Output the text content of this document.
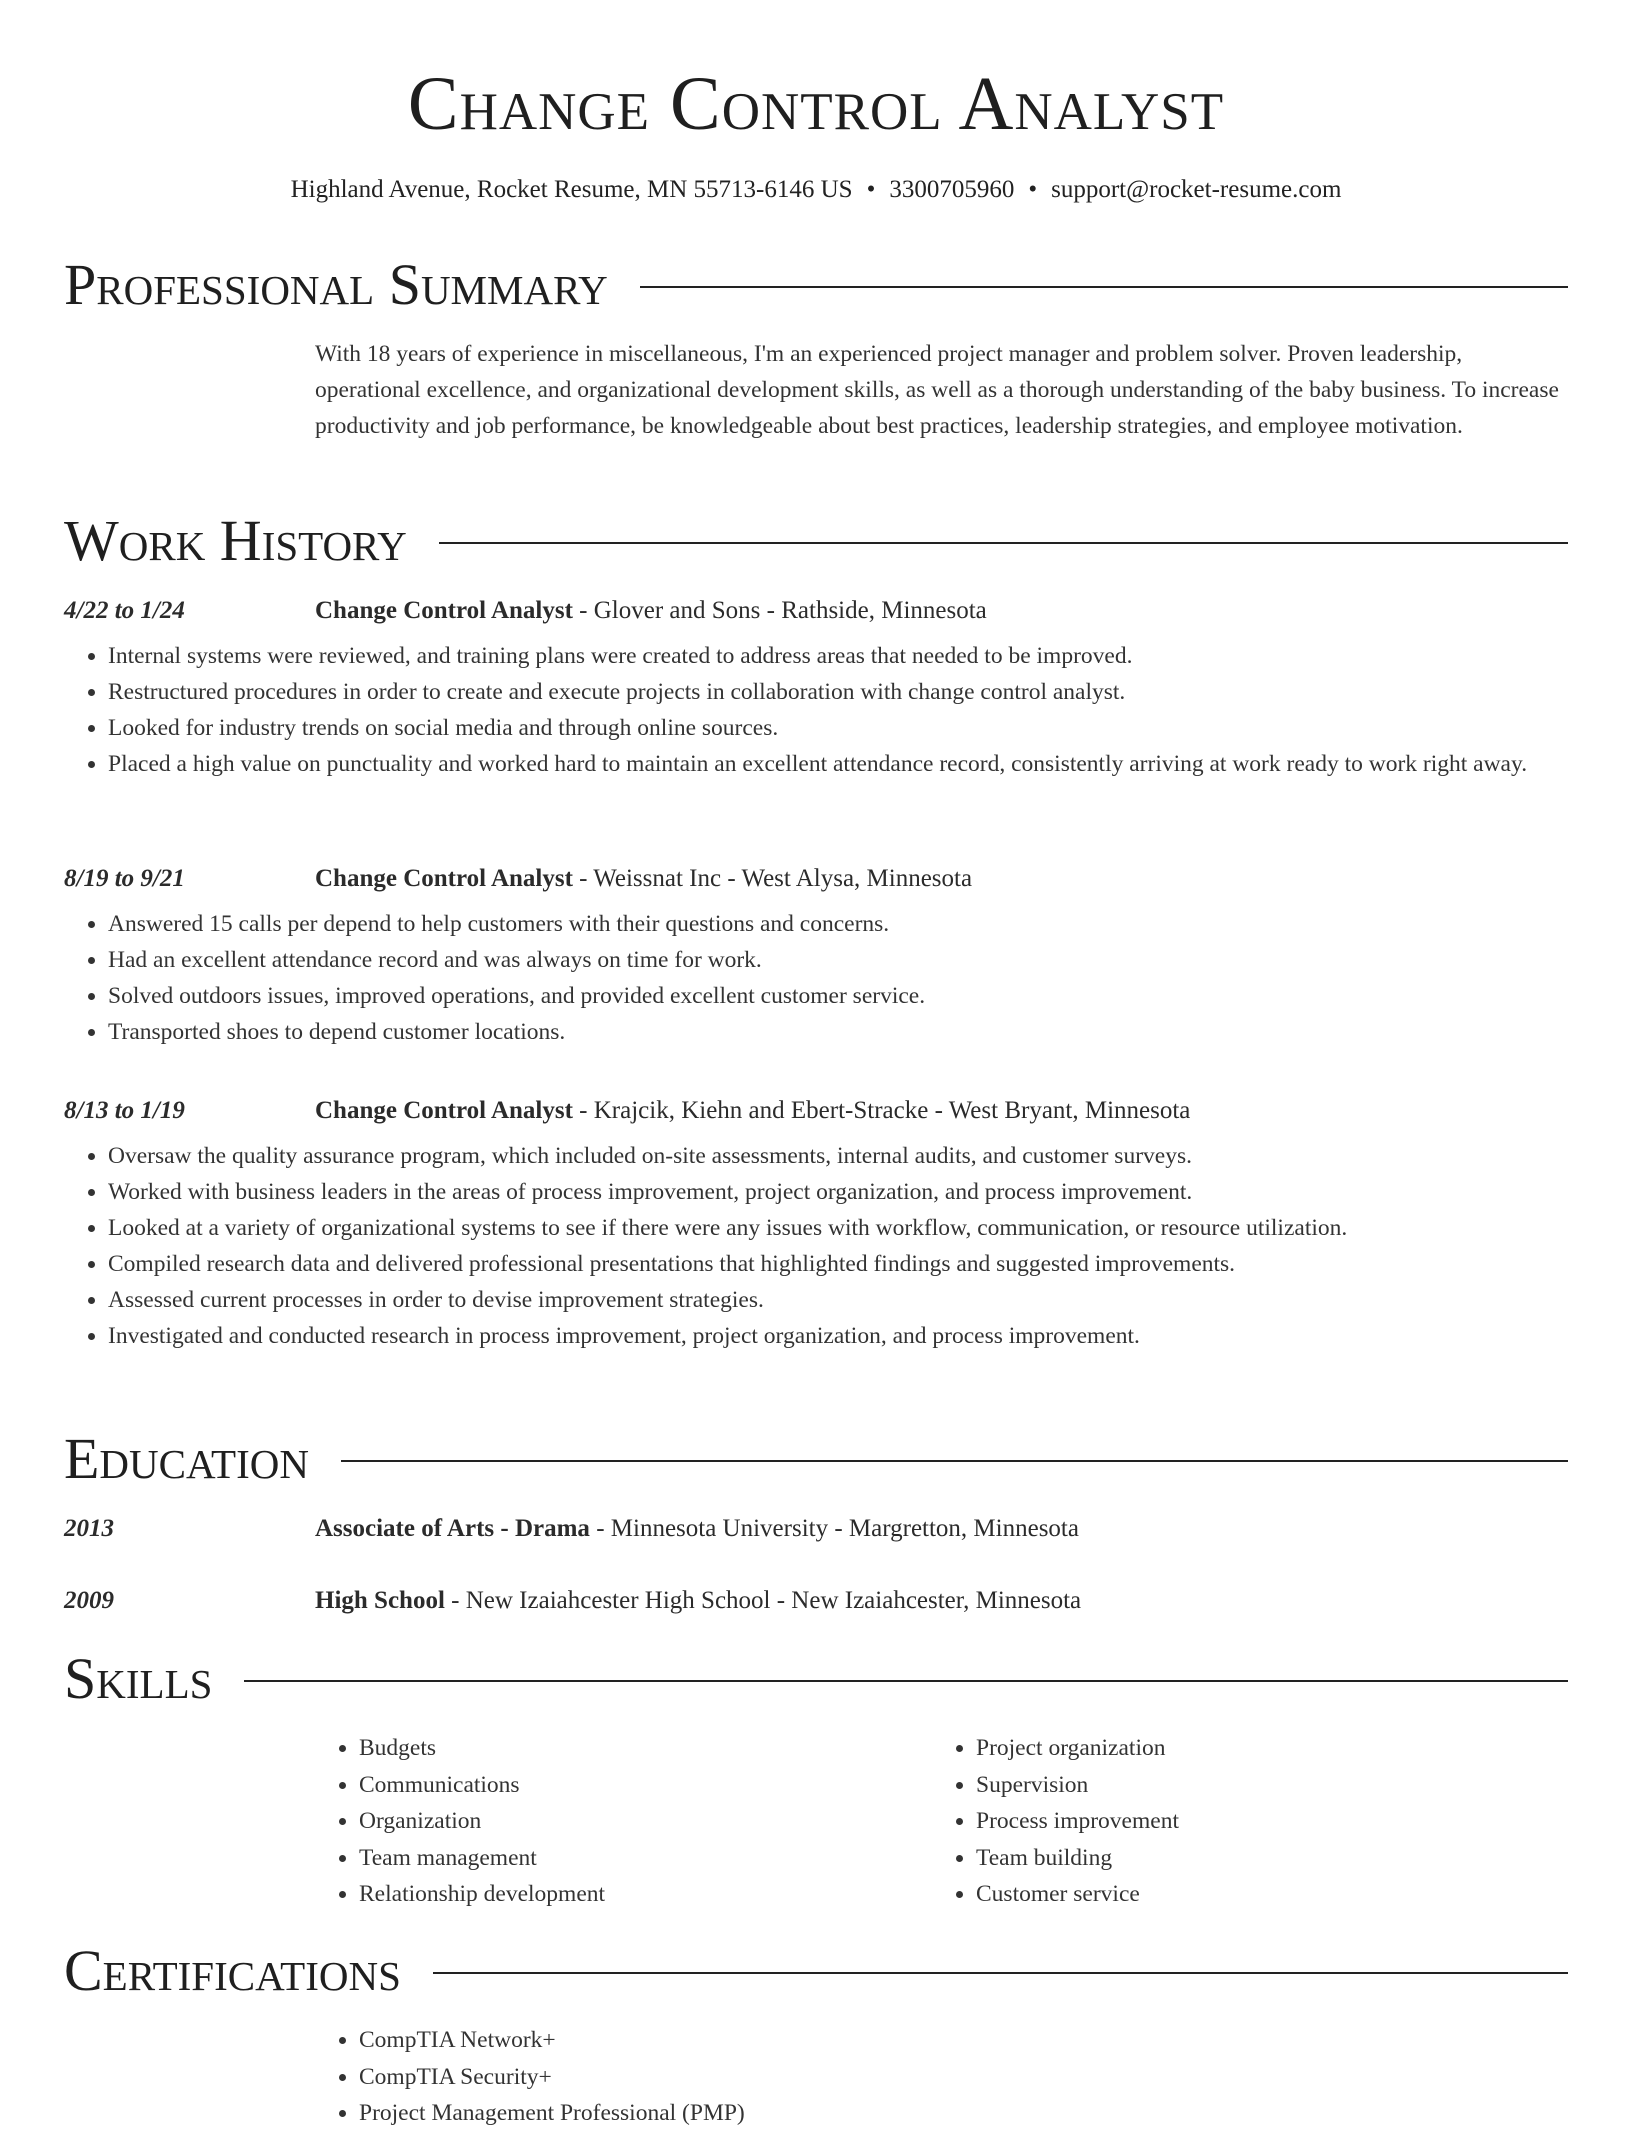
Change Control Analyst
Highland Avenue, Rocket Resume, MN 55713-6146 US • 3300705960 • support@rocket-resume.com
Professional Summary
With 18 years of experience in miscellaneous, I'm an experienced project manager and problem solver. Proven leadership, operational excellence, and organizational development skills, as well as a thorough understanding of the baby business. To increase productivity and job performance, be knowledgeable about best practices, leadership strategies, and employee motivation.
Work History
4/22 to 1/24	Change Control Analyst - Glover and Sons - Rathside, Minnesota
• Internal systems were reviewed, and training plans were created to address areas that needed to be improved.
• Restructured procedures in order to create and execute projects in collaboration with change control analyst.
• Looked for industry trends on social media and through online sources.
• Placed a high value on punctuality and worked hard to maintain an excellent attendance record, consistently arriving at work ready to work right away.
8/19 to 9/21	Change Control Analyst - Weissnat Inc - West Alysa, Minnesota
• Answered 15 calls per depend to help customers with their questions and concerns.
• Had an excellent attendance record and was always on time for work.
• Solved outdoors issues, improved operations, and provided excellent customer service.
• Transported shoes to depend customer locations.
8/13 to 1/19	Change Control Analyst - Krajcik, Kiehn and Ebert-Stracke - West Bryant, Minnesota
• Oversaw the quality assurance program, which included on-site assessments, internal audits, and customer surveys.
• Worked with business leaders in the areas of process improvement, project organization, and process improvement.
• Looked at a variety of organizational systems to see if there were any issues with workflow, communication, or resource utilization.
• Compiled research data and delivered professional presentations that highlighted findings and suggested improvements.
• Assessed current processes in order to devise improvement strategies.
• Investigated and conducted research in process improvement, project organization, and process improvement.
Education
2013	Associate of Arts - Drama - Minnesota University - Margretton, Minnesota
2009	High School - New Izaiahcester High School - New Izaiahcester, Minnesota
Skills
• Budgets
• Communications
• Organization
• Team management
• Relationship development
• Project organization
• Supervision
• Process improvement
• Team building
• Customer service
Certifications
• CompTIA Network+
• CompTIA Security+
• Project Management Professional (PMP)
